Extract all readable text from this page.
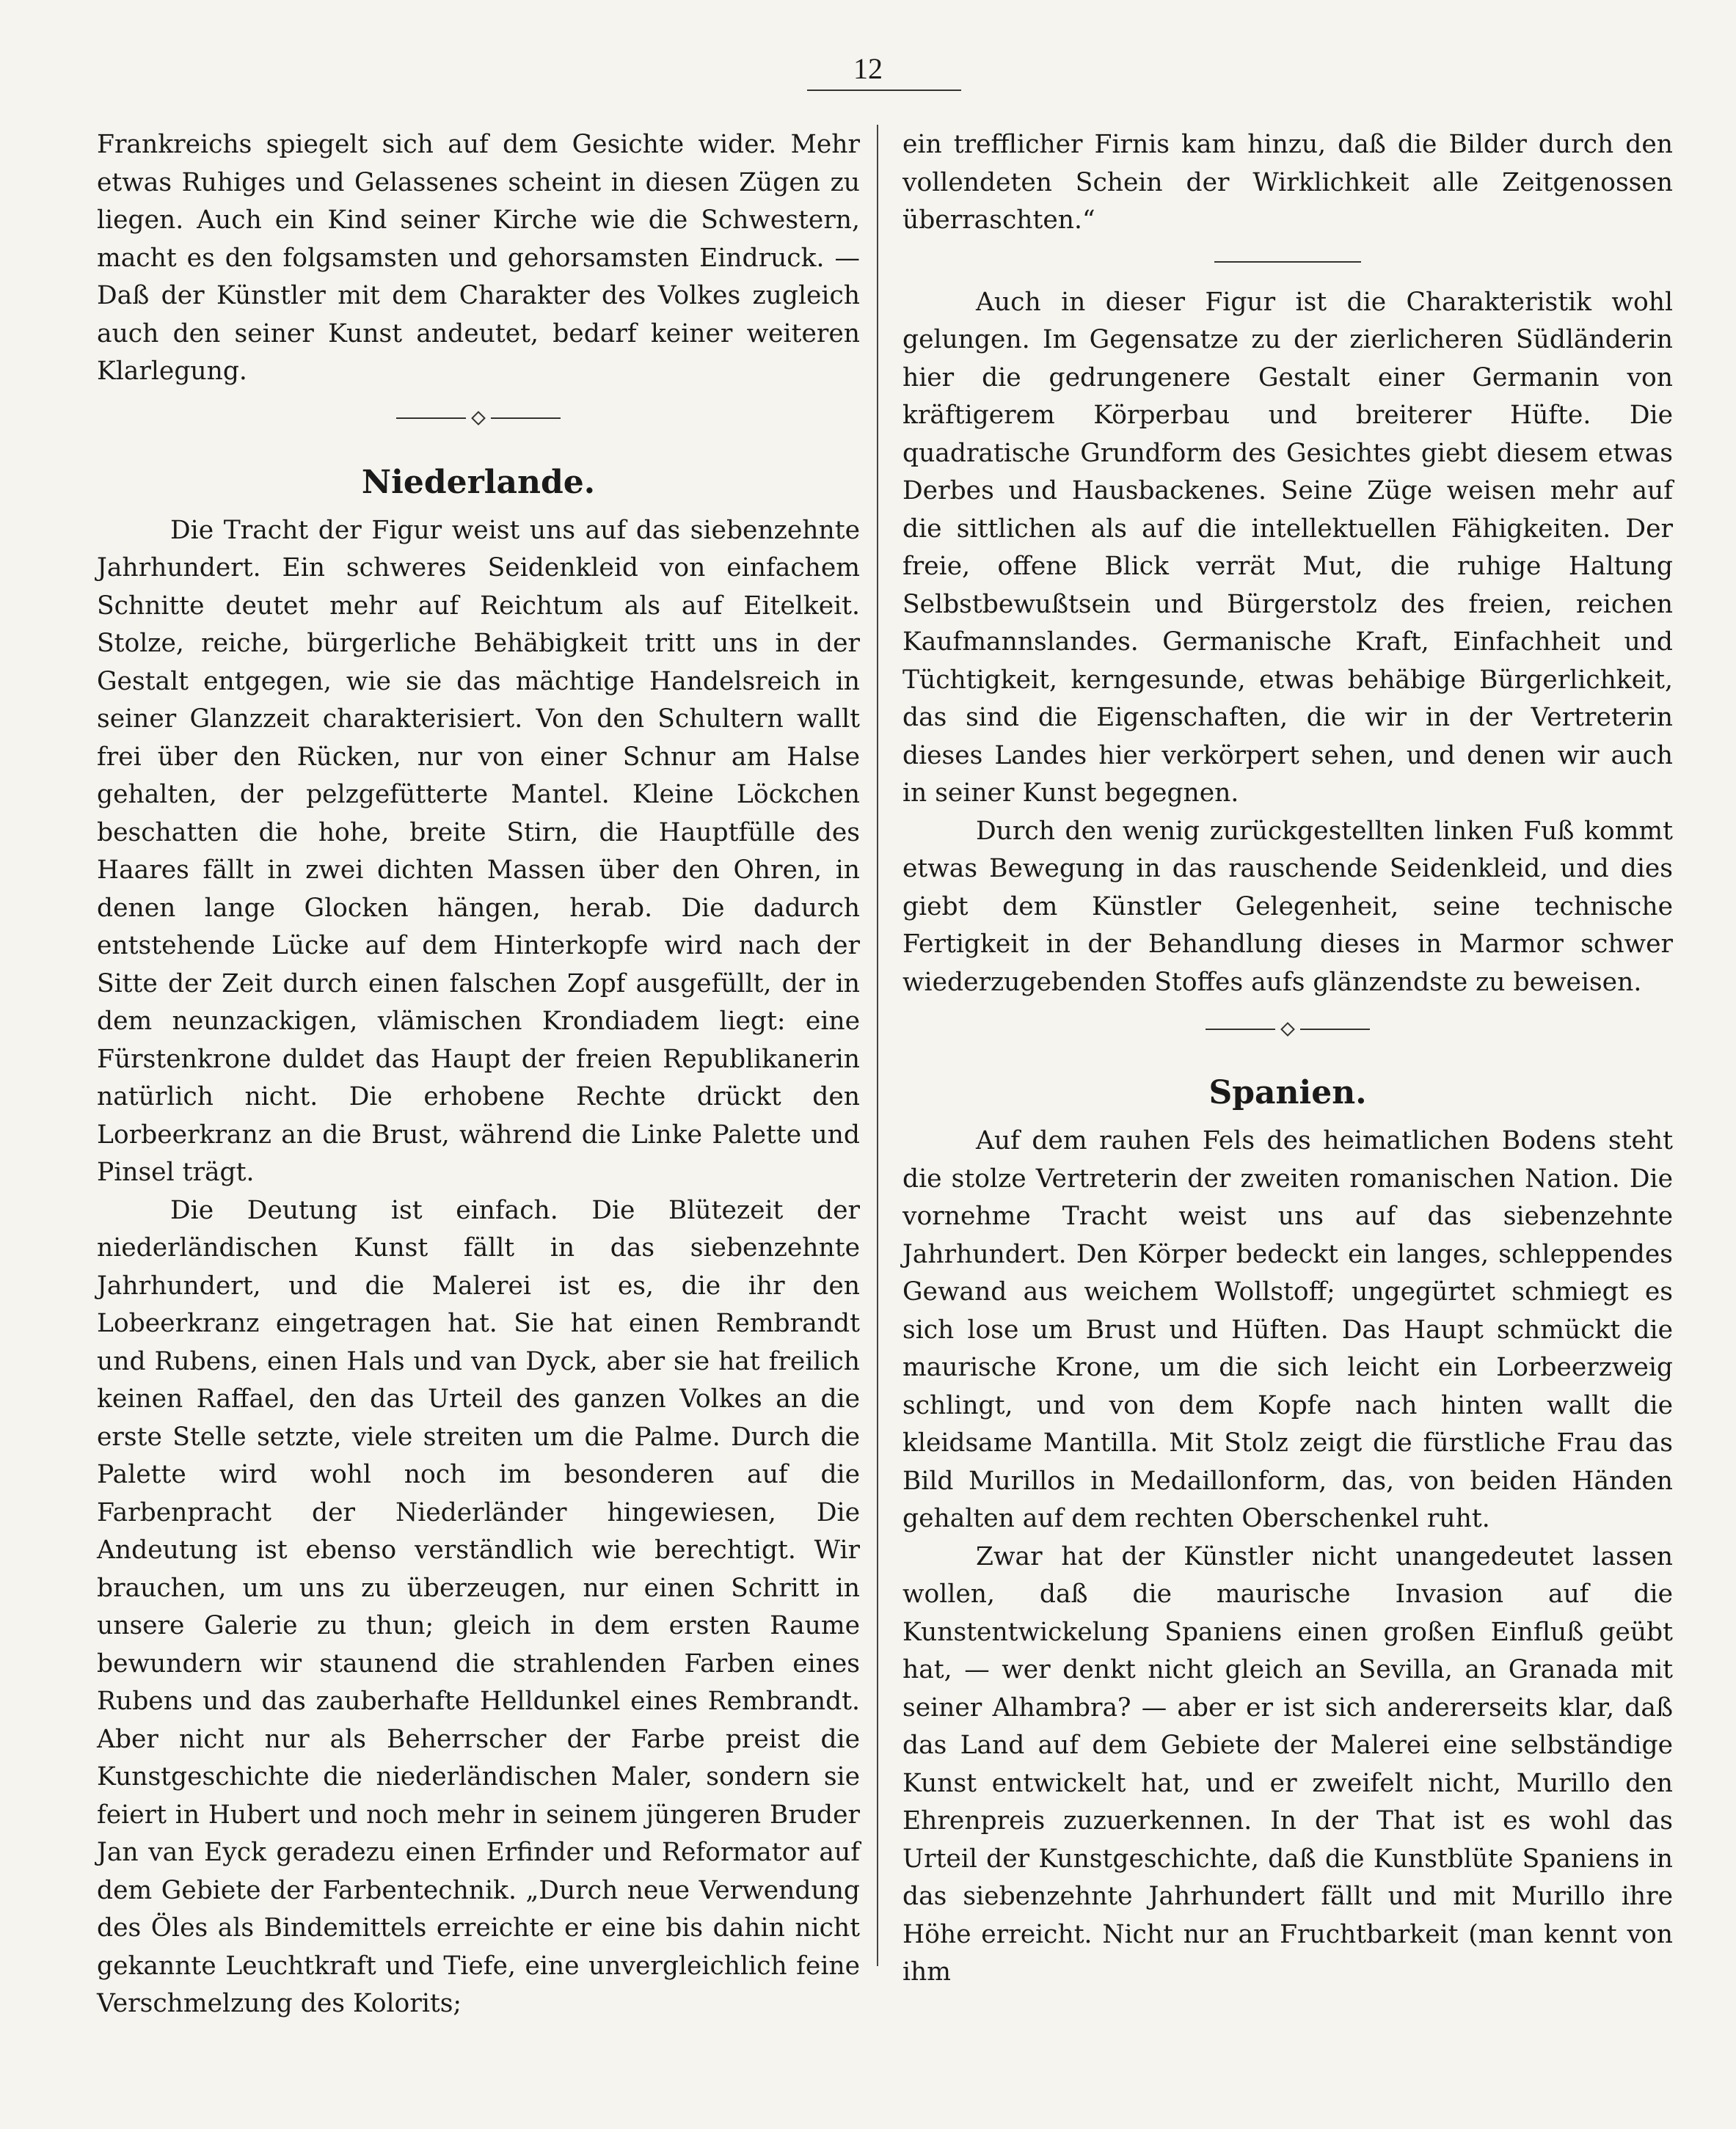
12

Frankreichs spiegelt sich auf dem Gesichte wider. Mehr etwas Ruhiges und Gelassenes scheint in diesen Zügen zu liegen. Auch ein Kind seiner Kirche wie die Schwestern, macht es den folgsamsten und gehorsamsten Eindruck. — Daß der Künstler mit dem Charakter des Volkes zugleich auch den seiner Kunst andeutet, bedarf keiner weiteren Klarlegung.

Niederlande.

Die Tracht der Figur weist uns auf das siebenzehnte Jahrhundert. Ein schweres Seidenkleid von einfachem Schnitte deutet mehr auf Reichtum als auf Eitelkeit. Stolze, reiche, bürgerliche Behäbigkeit tritt uns in der Gestalt entgegen, wie sie das mächtige Handelsreich in seiner Glanzzeit charakterisiert. Von den Schultern wallt frei über den Rücken, nur von einer Schnur am Halse gehalten, der pelzgefütterte Mantel. Kleine Löckchen beschatten die hohe, breite Stirn, die Hauptfülle des Haares fällt in zwei dichten Massen über den Ohren, in denen lange Glocken hängen, herab. Die dadurch entstehende Lücke auf dem Hinterkopfe wird nach der Sitte der Zeit durch einen falschen Zopf ausgefüllt, der in dem neunzackigen, vlämischen Krondiadem liegt: eine Fürstenkrone duldet das Haupt der freien Republikanerin natürlich nicht. Die erhobene Rechte drückt den Lorbeerkranz an die Brust, während die Linke Palette und Pinsel trägt.

Die Deutung ist einfach. Die Blütezeit der niederländischen Kunst fällt in das siebenzehnte Jahrhundert, und die Malerei ist es, die ihr den Lobeerkranz eingetragen hat. Sie hat einen Rembrandt und Rubens, einen Hals und van Dyck, aber sie hat freilich keinen Raffael, den das Urteil des ganzen Volkes an die erste Stelle setzte, viele streiten um die Palme. Durch die Palette wird wohl noch im besonderen auf die Farbenpracht der Niederländer hingewiesen, Die Andeutung ist ebenso verständlich wie berechtigt. Wir brauchen, um uns zu überzeugen, nur einen Schritt in unsere Galerie zu thun; gleich in dem ersten Raume bewundern wir staunend die strahlenden Farben eines Rubens und das zauberhafte Helldunkel eines Rembrandt. Aber nicht nur als Beherrscher der Farbe preist die Kunstgeschichte die niederländischen Maler, sondern sie feiert in Hubert und noch mehr in seinem jüngeren Bruder Jan van Eyck geradezu einen Erfinder und Reformator auf dem Gebiete der Farbentechnik. „Durch neue Verwendung des Öles als Bindemittels erreichte er eine bis dahin nicht gekannte Leuchtkraft und Tiefe, eine unvergleichlich feine Verschmelzung des Kolorits;

ein trefflicher Firnis kam hinzu, daß die Bilder durch den vollendeten Schein der Wirklichkeit alle Zeitgenossen überraschten.“

Auch in dieser Figur ist die Charakteristik wohl gelungen. Im Gegensatze zu der zierlicheren Südländerin hier die gedrungenere Gestalt einer Germanin von kräftigerem Körperbau und breiterer Hüfte. Die quadratische Grundform des Gesichtes giebt diesem etwas Derbes und Hausbackenes. Seine Züge weisen mehr auf die sittlichen als auf die intellektuellen Fähigkeiten. Der freie, offene Blick verrät Mut, die ruhige Haltung Selbstbewußtsein und Bürgerstolz des freien, reichen Kaufmannslandes. Germanische Kraft, Einfachheit und Tüchtigkeit, kerngesunde, etwas behäbige Bürgerlichkeit, das sind die Eigenschaften, die wir in der Vertreterin dieses Landes hier verkörpert sehen, und denen wir auch in seiner Kunst begegnen.

Durch den wenig zurückgestellten linken Fuß kommt etwas Bewegung in das rauschende Seidenkleid, und dies giebt dem Künstler Gelegenheit, seine technische Fertigkeit in der Behandlung dieses in Marmor schwer wiederzugebenden Stoffes aufs glänzendste zu beweisen.

Spanien.

Auf dem rauhen Fels des heimatlichen Bodens steht die stolze Vertreterin der zweiten romanischen Nation. Die vornehme Tracht weist uns auf das siebenzehnte Jahrhundert. Den Körper bedeckt ein langes, schleppendes Gewand aus weichem Wollstoff; ungegürtet schmiegt es sich lose um Brust und Hüften. Das Haupt schmückt die maurische Krone, um die sich leicht ein Lorbeerzweig schlingt, und von dem Kopfe nach hinten wallt die kleidsame Mantilla. Mit Stolz zeigt die fürstliche Frau das Bild Murillos in Medaillonform, das, von beiden Händen gehalten auf dem rechten Oberschenkel ruht.

Zwar hat der Künstler nicht unangedeutet lassen wollen, daß die maurische Invasion auf die Kunstentwickelung Spaniens einen großen Einfluß geübt hat, — wer denkt nicht gleich an Sevilla, an Granada mit seiner Alhambra? — aber er ist sich andererseits klar, daß das Land auf dem Gebiete der Malerei eine selbständige Kunst entwickelt hat, und er zweifelt nicht, Murillo den Ehrenpreis zuzuerkennen. In der That ist es wohl das Urteil der Kunstgeschichte, daß die Kunstblüte Spaniens in das siebenzehnte Jahrhundert fällt und mit Murillo ihre Höhe erreicht. Nicht nur an Fruchtbarkeit (man kennt von ihm
